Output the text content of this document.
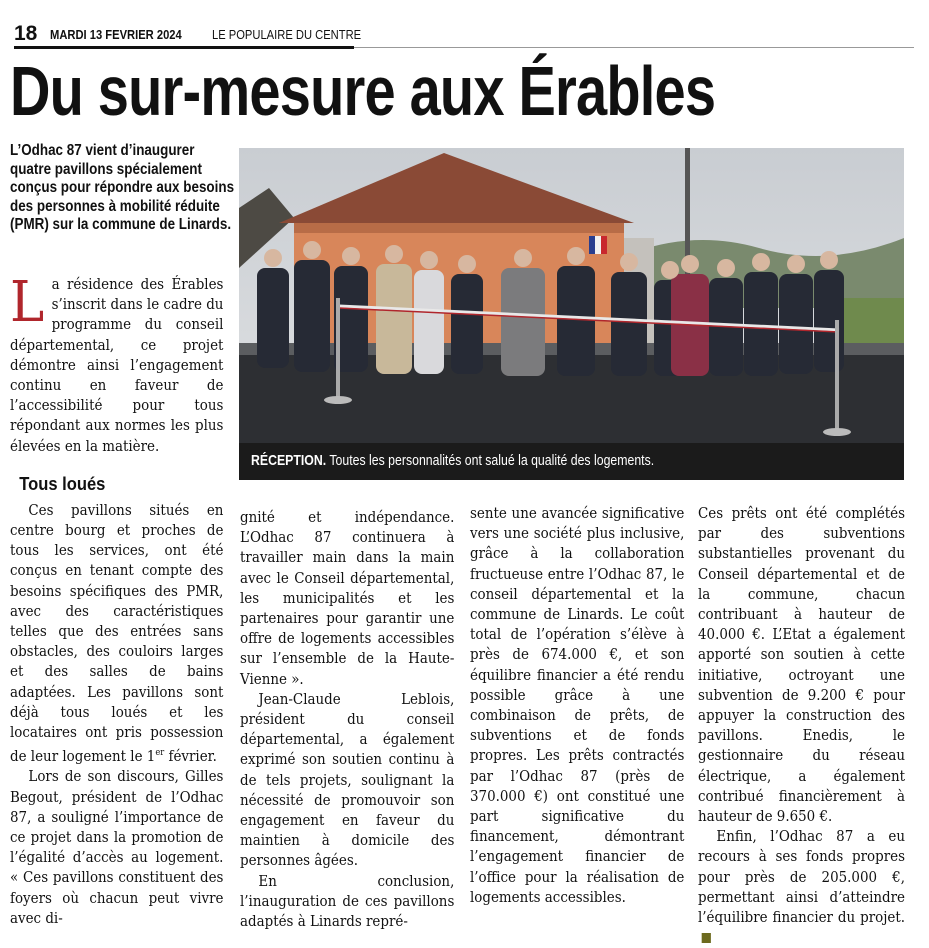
18 MARDI 13 FEVRIER 2024 LE POPULAIRE DU CENTRE
Du sur-mesure aux Érables

L’Odhac 87 vient d’inaugurer quatre pavillons spécialement conçus pour répondre aux besoins des personnes à mobilité réduite (PMR) sur la commune de Linards.

RÉCEPTION. Toutes les personnalités ont salué la qualité des logements.

La résidence des Érables s’inscrit dans le cadre du programme du conseil départemental, ce projet démontre ainsi l’engagement continu en faveur de l’accessibilité pour tous répondant aux normes les plus élevées en la matière.

Tous loués

Ces pavillons situés en centre bourg et proches de tous les services, ont été conçus en tenant compte des besoins spécifiques des PMR, avec des caractéristiques telles que des entrées sans obstacles, des couloirs larges et des salles de bains adaptées. Les pavillons sont déjà tous loués et les locataires ont pris possession de leur logement le 1er février.

Lors de son discours, Gilles Begout, président de l’Odhac 87, a souligné l’importance de ce projet dans la promotion de l’égalité d’accès au logement. « Ces pavillons constituent des foyers où chacun peut vivre avec di-

gnité et indépendance. L’Odhac 87 continuera à travailler main dans la main avec le Conseil départemental, les municipalités et les partenaires pour garantir une offre de logements accessibles sur l’ensemble de la Haute-Vienne ».

Jean-Claude Leblois, président du conseil départemental, a également exprimé son soutien continu à de tels projets, soulignant la nécessité de promouvoir son engagement en faveur du maintien à domicile des personnes âgées.

En conclusion, l’inauguration de ces pavillons adaptés à Linards repré-

sente une avancée significative vers une société plus inclusive, grâce à la collaboration fructueuse entre l’Odhac 87, le conseil départemental et la commune de Linards. Le coût total de l’opération s’élève à près de 674.000 €, et son équilibre financier a été rendu possible grâce à une combinaison de prêts, de subventions et de fonds propres. Les prêts contractés par l’Odhac 87 (près de 370.000 €) ont constitué une part significative du financement, démontrant l’engagement financier de l’office pour la réalisation de logements accessibles.

Ces prêts ont été complétés par des subventions substantielles provenant du Conseil départemental et de la commune, chacun contribuant à hauteur de 40.000 €. L’Etat a également apporté son soutien à cette initiative, octroyant une subvention de 9.200 € pour appuyer la construction des pavillons. Enedis, le gestionnaire du réseau électrique, a également contribué financièrement à hauteur de 9.650 €.

Enfin, l’Odhac 87 a eu recours à ses fonds propres pour près de 205.000 €, permettant ainsi d’atteindre l’équilibre financier du projet.
